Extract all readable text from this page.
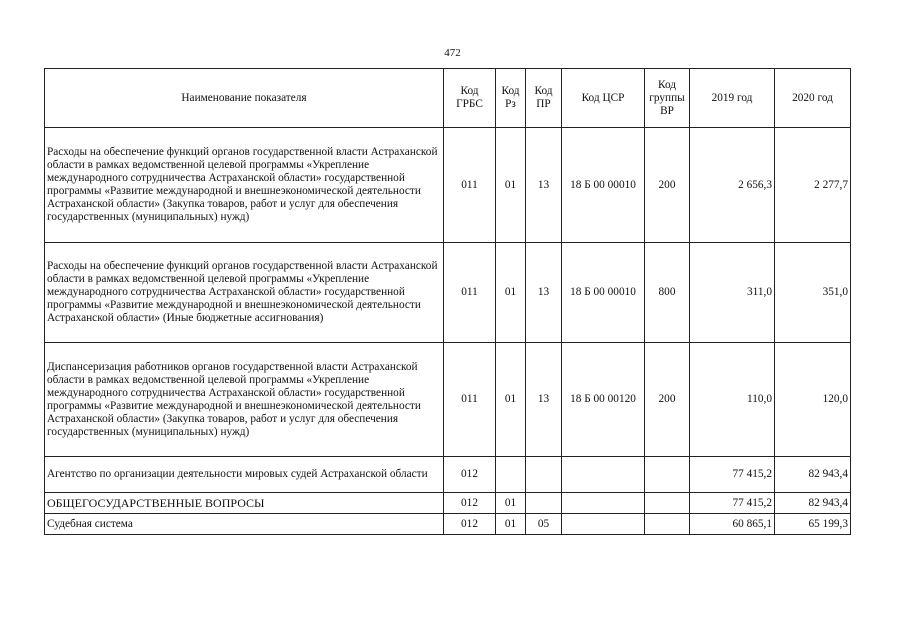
472
Наименование показателя	Код ГРБС	Код Рз	Код ПР	Код ЦСР	Код группы ВР	2019 год	2020 год
Расходы на обеспечение функций органов государственной власти Астраханской области в рамках ведомственной целевой программы «Укрепление международного сотрудничества Астраханской области» государственной программы «Развитие международной и внешнеэкономической деятельности Астраханской области» (Закупка товаров, работ и услуг для обеспечения государственных (муниципальных) нужд)	011	01	13	18 Б 00 00010	200	2 656,3	2 277,7
Расходы на обеспечение функций органов государственной власти Астраханской области в рамках ведомственной целевой программы «Укрепление международного сотрудничества Астраханской области» государственной программы «Развитие международной и внешнеэкономической деятельности Астраханской области» (Иные бюджетные ассигнования)	011	01	13	18 Б 00 00010	800	311,0	351,0
Диспансеризация работников органов государственной власти Астраханской области в рамках ведомственной целевой программы «Укрепление международного сотрудничества Астраханской области» государственной программы «Развитие международной и внешнеэкономической деятельности Астраханской области» (Закупка товаров, работ и услуг для обеспечения государственных (муниципальных) нужд)	011	01	13	18 Б 00 00120	200	110,0	120,0
Агентство по организации деятельности мировых судей Астраханской области	012					77 415,2	82 943,4
ОБЩЕГОСУДАРСТВЕННЫЕ ВОПРОСЫ	012	01				77 415,2	82 943,4
Судебная система	012	01	05			60 865,1	65 199,3
